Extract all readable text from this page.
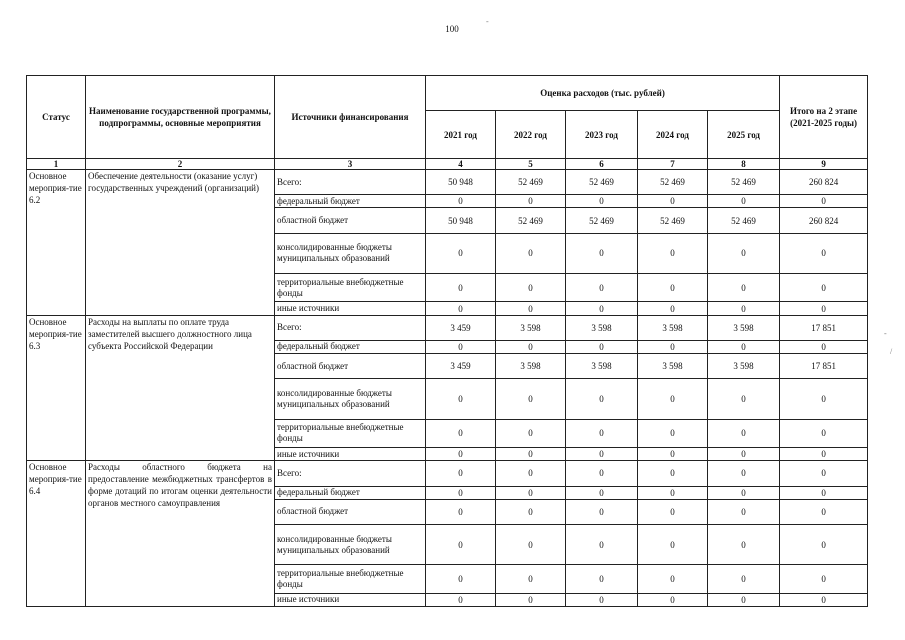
100
-
-
/
Статус	Наименование государственной программы, подпрограммы, основные мероприятия	Источники финансирования	Оценка расходов (тыс. рублей)					Итого на 2 этапе (2021-2025 годы)
			2021 год	2022 год	2023 год	2024 год	2025 год	
1	2	3	4	5	6	7	8	9
Основное мероприя-тие 6.2	Обеспечение деятельности (оказание услуг) государственных учреждений (организаций)	Всего:	50 948	52 469	52 469	52 469	52 469	260 824
		федеральный бюджет	0	0	0	0	0	0
		областной бюджет	50 948	52 469	52 469	52 469	52 469	260 824
		консолидированные бюджеты муниципальных образований	0	0	0	0	0	0
		территориальные внебюджетные фонды	0	0	0	0	0	0
		иные источники	0	0	0	0	0	0
Основное мероприя-тие 6.3	Расходы на выплаты по оплате труда заместителей высшего должностного лица субъекта Российской Федерации	Всего:	3 459	3 598	3 598	3 598	3 598	17 851
		федеральный бюджет	0	0	0	0	0	0
		областной бюджет	3 459	3 598	3 598	3 598	3 598	17 851
		консолидированные бюджеты муниципальных образований	0	0	0	0	0	0
		территориальные внебюджетные фонды	0	0	0	0	0	0
		иные источники	0	0	0	0	0	0
Основное мероприя-тие 6.4	Расходы областного бюджета на предоставление межбюджетных трансфертов в форме дотаций по итогам оценки деятельности органов местного самоуправления	Всего:	0	0	0	0	0	0
		федеральный бюджет	0	0	0	0	0	0
		областной бюджет	0	0	0	0	0	0
		консолидированные бюджеты муниципальных образований	0	0	0	0	0	0
		территориальные внебюджетные фонды	0	0	0	0	0	0
		иные источники	0	0	0	0	0	0
